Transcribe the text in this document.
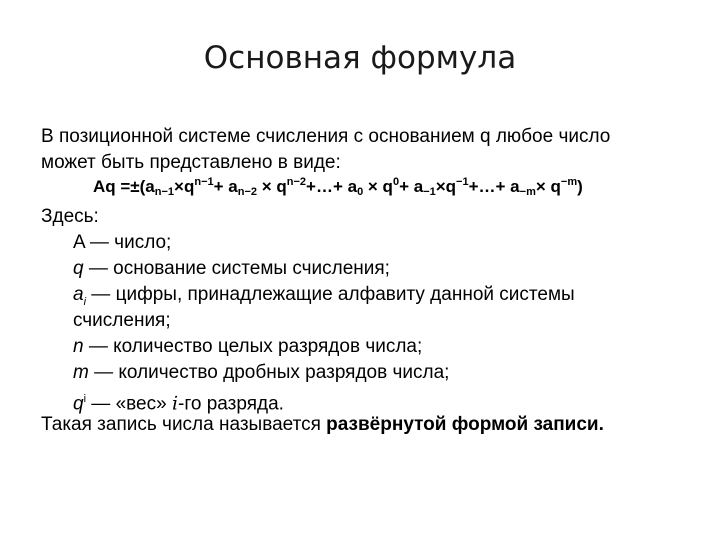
Основная формула
В позиционной системе счисления с основанием q любое число
может быть представлено в виде:
Здесь:
A — число;
q — основание системы счисления;
$a_i$ — цифры, принадлежащие алфавиту данной системы
счисления;
n — количество целых разрядов числа;
m — количество дробных разрядов числа;
$q^i$ — «вес» i-го разряда.
Такая запись числа называется развёрнутой формой записи.
$Aq =\pm(a_{n-1}\times q^{n-1}+ a_{n-2}$ × $q^{n-2}+\dots+ a_0 \times q^0+$ $a_{-1}\times q^{-1}+\dots+ a_{-m}\times q^{-m}$)
